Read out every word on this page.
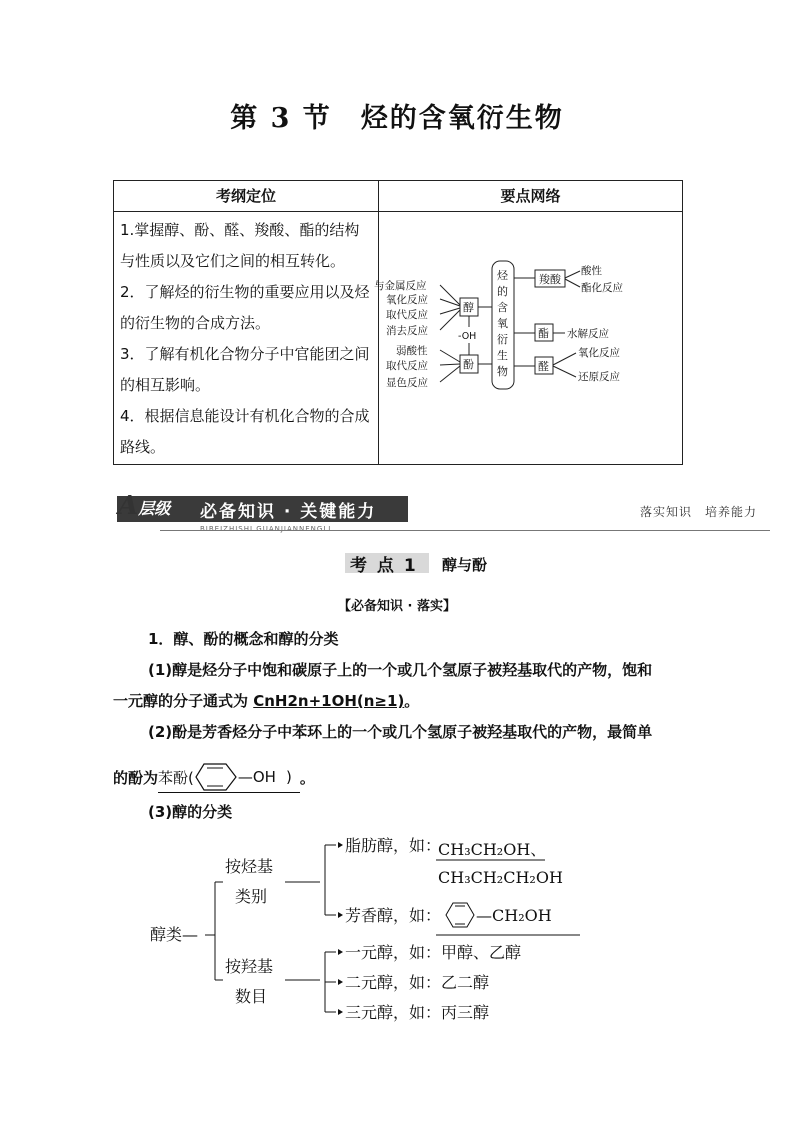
第 3 节　烃的含氧衍生物
考纲定位	要点网络

1.掌握醇、酚、醛、羧酸、酯的结构与性质以及它们之间的相互转化。

2．了解烃的衍生物的重要应用以及烃的衍生物的合成方法。

3．了解有机化合物分子中官能团之间的相互影响。

4．根据信息能设计有机化合物的合成路线。

与金属反应
氧化反应
取代反应
消去反应
弱酸性
取代反应
显色反应
醇
酚
-OH
烃
的
含
氧
衍
生
物
羧酸
酯
醛
酸性
酯化反应
水解反应
氧化反应
还原反应
A层级 必备知识 · 关键能力
BIBEIZHISHI GUANJIANNENGLI
落实知识　培养能力
考 点 1 醇与酚
【必备知识 · 落实】
1．醇、酚的概念和醇的分类
(1)醇是烃分子中饱和碳原子上的一个或几个氢原子被羟基取代的产物，饱和
一元醇的分子通式为 CnH2n+1OH(n≥1)。
(2)酚是芳香烃分子中苯环上的一个或几个氢原子被羟基取代的产物，最简单
的酚为 苯酚(	—OH ) 。
(3)醇的分类
醇类—
按烃基
类别
按羟基
数目
脂肪醇，如：
CH₃CH₂OH、
CH₃CH₂CH₂OH
芳香醇，如： —CH₂OH
一元醇，如：甲醇、乙醇
二元醇，如：乙二醇
三元醇，如：丙三醇
